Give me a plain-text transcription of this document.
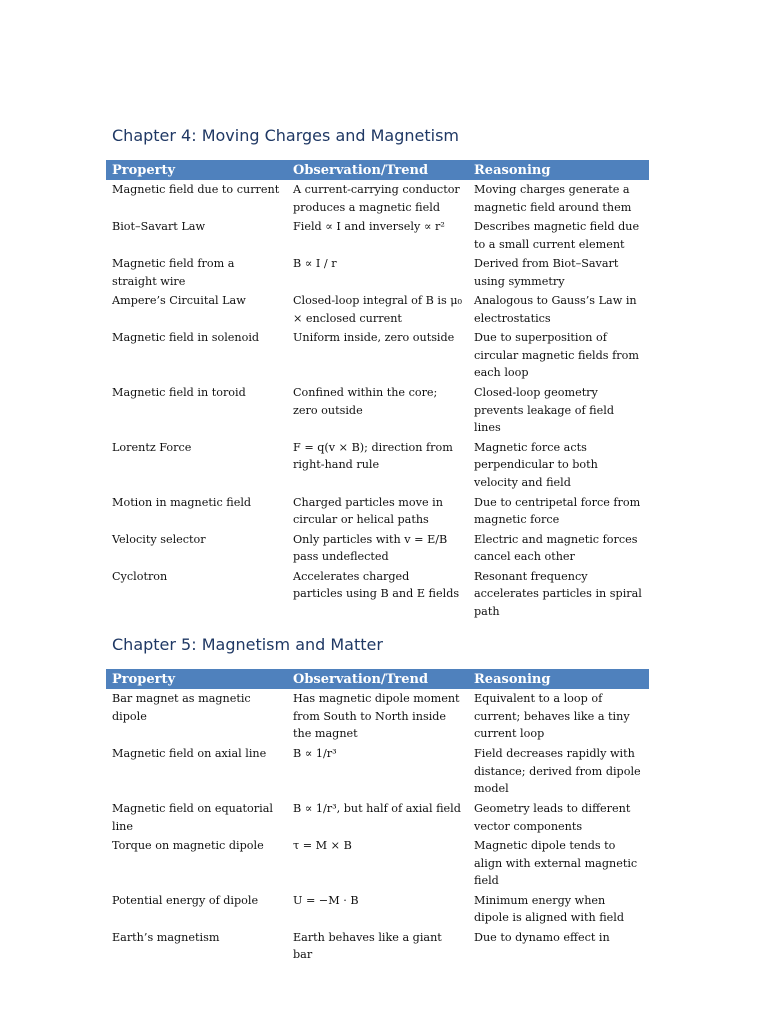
Chapter 4: Moving Charges and Magnetism
Property	Observation/Trend	Reasoning
Magnetic field due to current	A current-carrying conductor produces a magnetic field	Moving charges generate a magnetic field around them
Biot–Savart Law	Field ∝ I and inversely ∝ r²	Describes magnetic field due to a small current element
Magnetic field from a straight wire	B ∝ I / r	Derived from Biot–Savart using symmetry
Ampere’s Circuital Law	Closed-loop integral of B is μ₀ × enclosed current	Analogous to Gauss’s Law in electrostatics
Magnetic field in solenoid	Uniform inside, zero outside	Due to superposition of circular magnetic fields from each loop
Magnetic field in toroid	Confined within the core; zero outside	Closed-loop geometry prevents leakage of field lines
Lorentz Force	F = q(v × B); direction from right-hand rule	Magnetic force acts perpendicular to both velocity and field
Motion in magnetic field	Charged particles move in circular or helical paths	Due to centripetal force from magnetic force
Velocity selector	Only particles with v = E/B pass undeflected	Electric and magnetic forces cancel each other
Cyclotron	Accelerates charged particles using B and E fields	Resonant frequency accelerates particles in spiral path
Chapter 5: Magnetism and Matter
Property	Observation/Trend	Reasoning
Bar magnet as magnetic dipole	Has magnetic dipole moment from South to North inside the magnet	Equivalent to a loop of current; behaves like a tiny current loop
Magnetic field on axial line	B ∝ 1/r³	Field decreases rapidly with distance; derived from dipole model
Magnetic field on equatorial line	B ∝ 1/r³, but half of axial field	Geometry leads to different vector components
Torque on magnetic dipole	τ = M × B	Magnetic dipole tends to align with external magnetic field
Potential energy of dipole	U = −M · B	Minimum energy when dipole is aligned with field
Earth’s magnetism	Earth behaves like a giant bar	Due to dynamo effect in
